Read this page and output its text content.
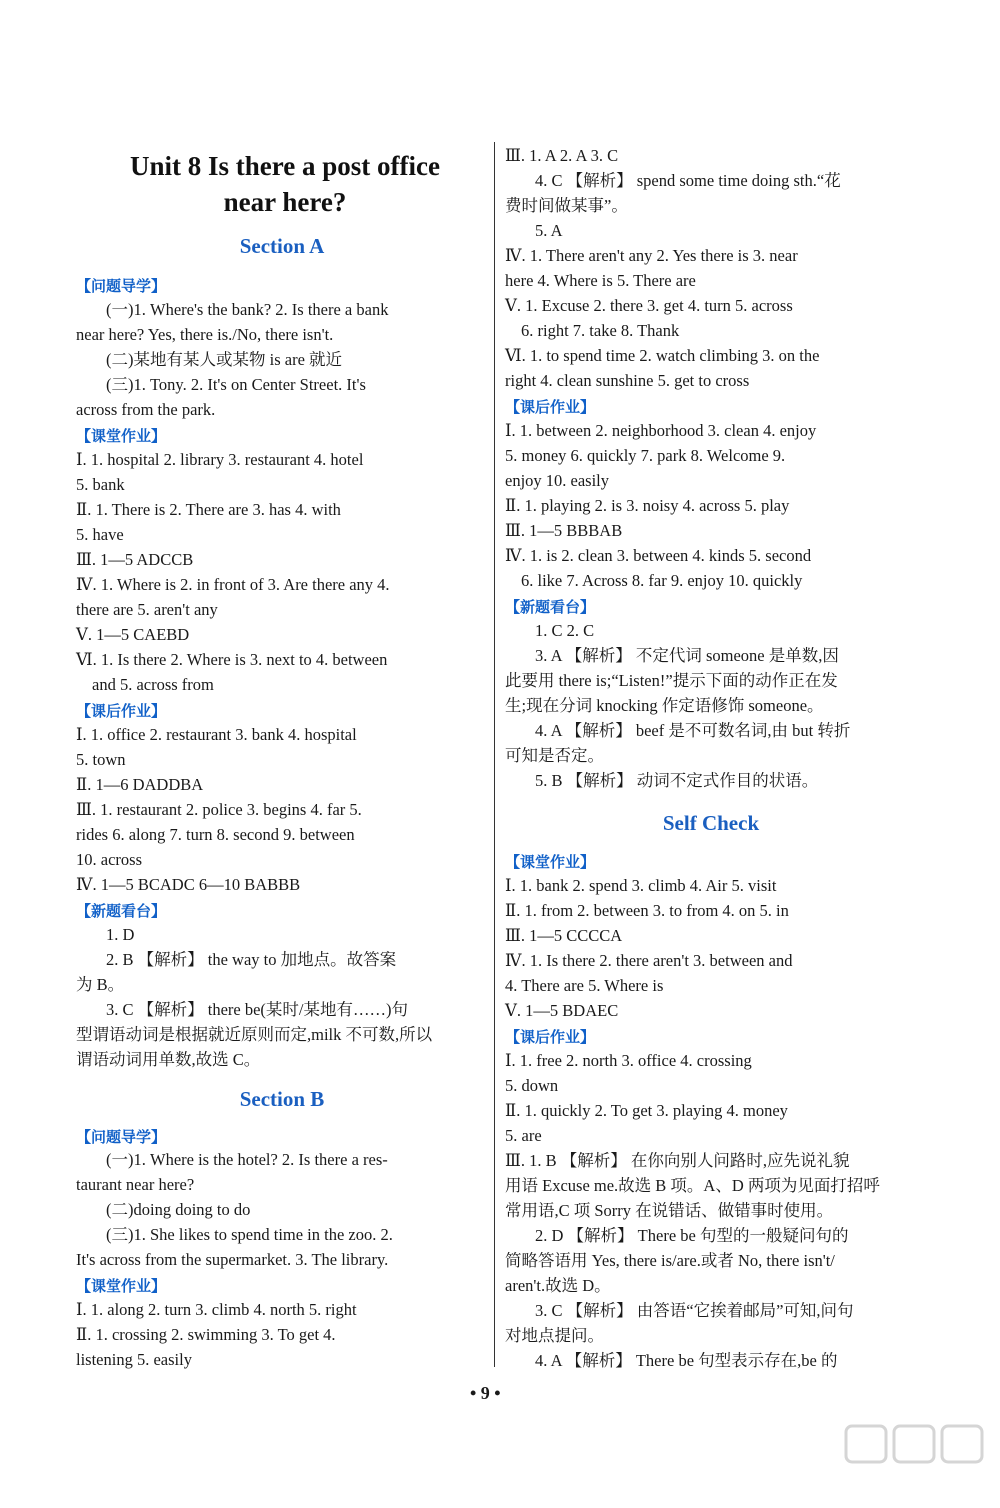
Unit 8 Is there a post office
near here?
Section A
【问题导学】
(一)1. Where's the bank? 2. Is there a bank
near here? Yes, there is./No, there isn't.
(二)某地有某人或某物 is are 就近
(三)1. Tony. 2. It's on Center Street. It's
across from the park.
【课堂作业】
Ⅰ. 1. hospital 2. library 3. restaurant 4. hotel
5. bank
Ⅱ. 1. There is 2. There are 3. has 4. with
5. have
Ⅲ. 1—5 ADCCB
Ⅳ. 1. Where is 2. in front of 3. Are there any 4.
there are 5. aren't any
Ⅴ. 1—5 CAEBD
Ⅵ. 1. Is there 2. Where is 3. next to 4. between
and 5. across from
【课后作业】
Ⅰ. 1. office 2. restaurant 3. bank 4. hospital
5. town
Ⅱ. 1—6 DADDBA
Ⅲ. 1. restaurant 2. police 3. begins 4. far 5.
rides 6. along 7. turn 8. second 9. between
10. across
Ⅳ. 1—5 BCADC 6—10 BABBB
【新题看台】
1. D
2. B 【解析】 the way to 加地点。故答案
为 B。
3. C 【解析】 there be(某时/某地有……)句
型谓语动词是根据就近原则而定,milk 不可数,所以
谓语动词用单数,故选 C。
Section B
【问题导学】
(一)1. Where is the hotel? 2. Is there a res-
taurant near here?
(二)doing doing to do
(三)1. She likes to spend time in the zoo. 2.
It's across from the supermarket. 3. The library.
【课堂作业】
Ⅰ. 1. along 2. turn 3. climb 4. north 5. right
Ⅱ. 1. crossing 2. swimming 3. To get 4.
listening 5. easily
Ⅲ. 1. A 2. A 3. C
4. C 【解析】 spend some time doing sth.“花
费时间做某事”。
5. A
Ⅳ. 1. There aren't any 2. Yes there is 3. near
here 4. Where is 5. There are
Ⅴ. 1. Excuse 2. there 3. get 4. turn 5. across
6. right 7. take 8. Thank
Ⅵ. 1. to spend time 2. watch climbing 3. on the
right 4. clean sunshine 5. get to cross
【课后作业】
Ⅰ. 1. between 2. neighborhood 3. clean 4. enjoy
5. money 6. quickly 7. park 8. Welcome 9.
enjoy 10. easily
Ⅱ. 1. playing 2. is 3. noisy 4. across 5. play
Ⅲ. 1—5 BBBAB
Ⅳ. 1. is 2. clean 3. between 4. kinds 5. second
6. like 7. Across 8. far 9. enjoy 10. quickly
【新题看台】
1. C 2. C
3. A 【解析】 不定代词 someone 是单数,因
此要用 there is;“Listen!”提示下面的动作正在发
生;现在分词 knocking 作定语修饰 someone。
4. A 【解析】 beef 是不可数名词,由 but 转折
可知是否定。
5. B 【解析】 动词不定式作目的状语。
Self Check
【课堂作业】
Ⅰ. 1. bank 2. spend 3. climb 4. Air 5. visit
Ⅱ. 1. from 2. between 3. to from 4. on 5. in
Ⅲ. 1—5 CCCCA
Ⅳ. 1. Is there 2. there aren't 3. between and
4. There are 5. Where is
Ⅴ. 1—5 BDAEC
【课后作业】
Ⅰ. 1. free 2. north 3. office 4. crossing
5. down
Ⅱ. 1. quickly 2. To get 3. playing 4. money
5. are
Ⅲ. 1. B 【解析】 在你向别人问路时,应先说礼貌
用语 Excuse me.故选 B 项。A、D 两项为见面打招呼
常用语,C 项 Sorry 在说错话、做错事时使用。
2. D 【解析】 There be 句型的一般疑问句的
简略答语用 Yes, there is/are.或者 No, there isn't/
aren't.故选 D。
3. C 【解析】 由答语“它挨着邮局”可知,问句
对地点提问。
4. A 【解析】 There be 句型表示存在,be 的
• 9 •
